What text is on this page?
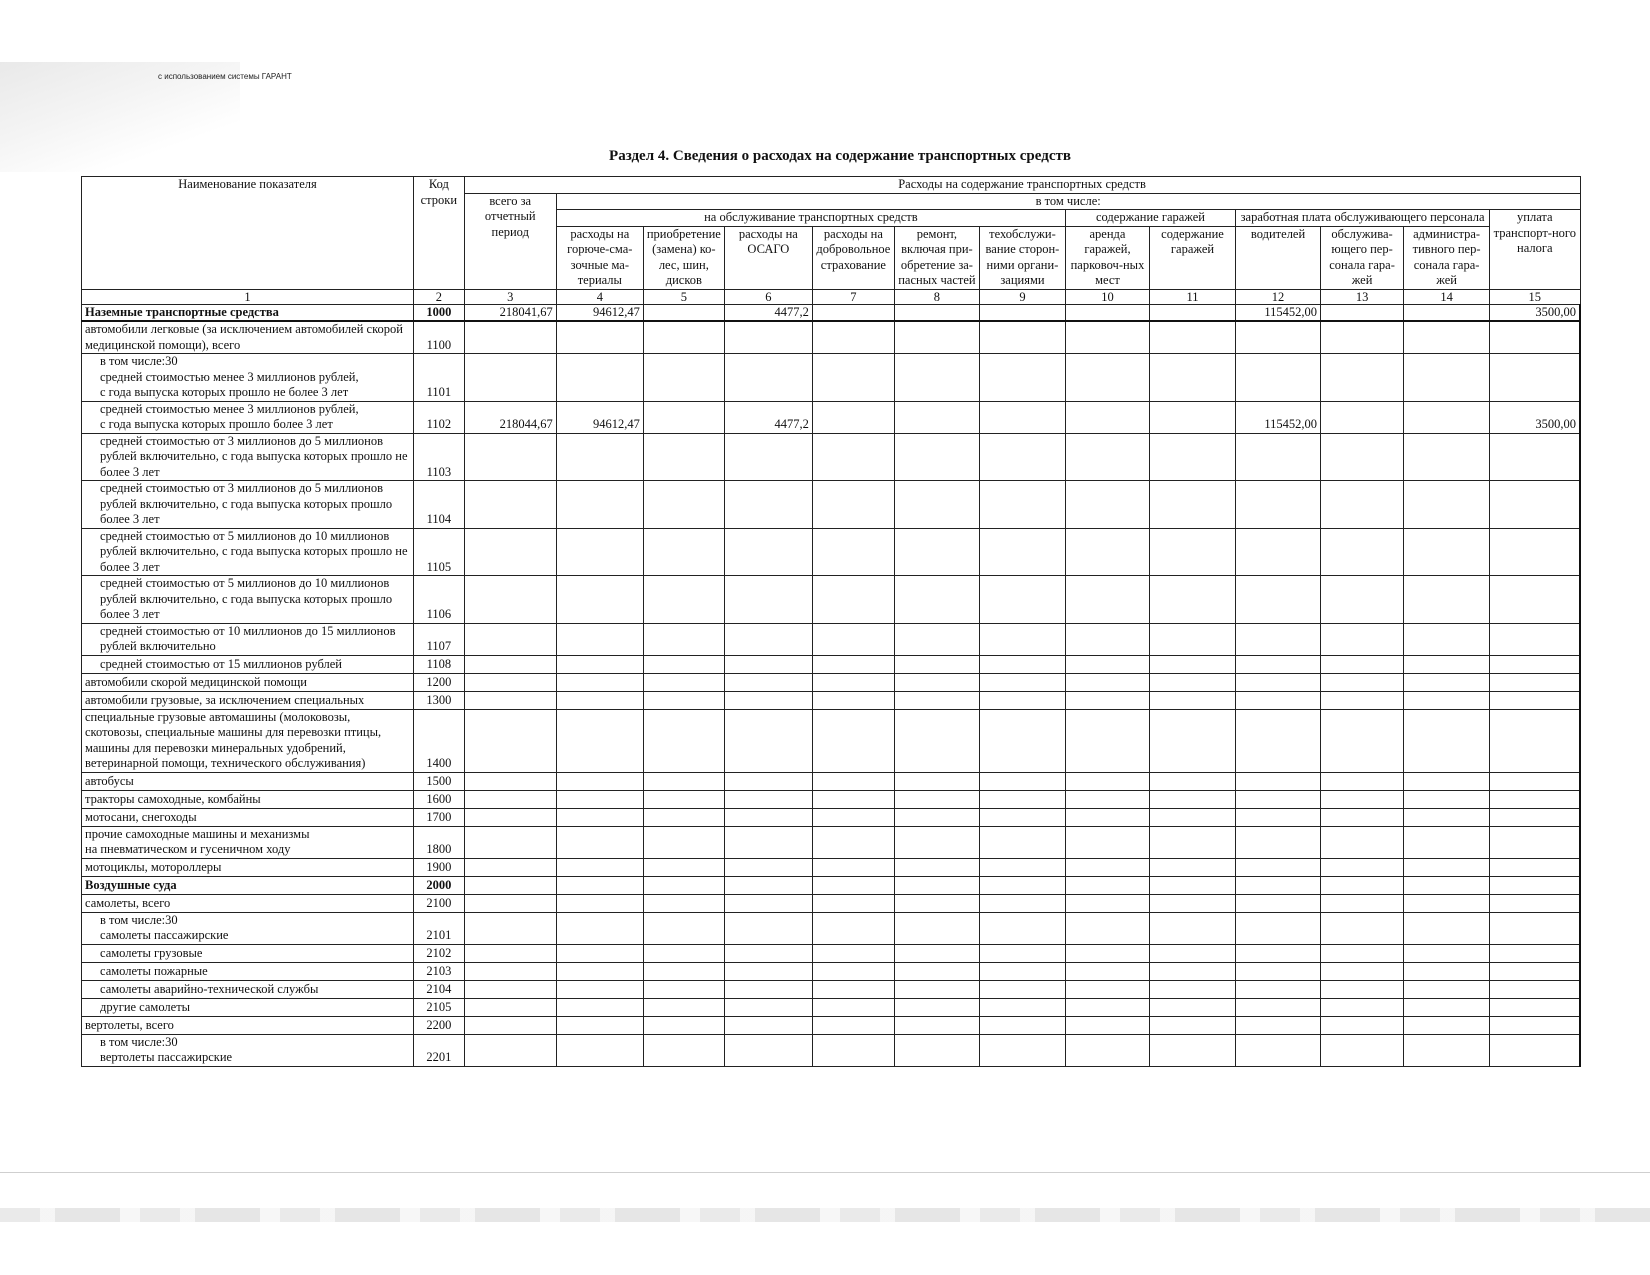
с использованием системы ГАРАНТ
Раздел 4. Сведения о расходах на содержание транспортных средств
Наименование показателя	Код строки	Расходы на содержание транспортных средств												
		всего за отчетный период	в том числе:											
			на обслуживание транспортных средств						содержание гаражей		заработная плата обслуживающего персонала			уплата транспорт-ного налога
			расходы на горюче-сма-зочные ма-териалы	приобретение (замена) ко-лес, шин, дисков	расходы на ОСАГО	расходы на добровольное страхование	ремонт, включая при-обретение за-пасных частей	техобслужи-вание сторон-ними органи-зациями	аренда гаражей, парковоч-ных мест	содержание гаражей	водителей	обслужива-ющего пер-сонала гара-жей	администра-тивного пер-сонала гара-жей	
1	2	3	4	5	6	7	8	9	10	11	12	13	14	15
Наземные транспортные средства	1000	218041,67	94612,47		4477,2						115452,00			3500,00
автомобили легковые (за исключением автомобилей скорой медицинской помощи), всего	1100													
в том числе:30
средней стоимостью менее 3 миллионов рублей,
с года выпуска которых прошло не более 3 лет	1101													
средней стоимостью менее 3 миллионов рублей,
с года выпуска которых прошло более 3 лет	1102	218044,67	94612,47		4477,2						115452,00			3500,00
средней стоимостью от 3 миллионов до 5 миллионов рублей включительно, с года выпуска которых прошло не более 3 лет	1103													
средней стоимостью от 3 миллионов до 5 миллионов рублей включительно, с года выпуска которых прошло более 3 лет	1104													
средней стоимостью от 5 миллионов до 10 миллионов рублей включительно, с года выпуска которых прошло не более 3 лет	1105													
средней стоимостью от 5 миллионов до 10 миллионов рублей включительно, с года выпуска которых прошло более 3 лет	1106													
средней стоимостью от 10 миллионов до 15 миллионов рублей включительно	1107													
средней стоимостью от 15 миллионов рублей	1108													
автомобили скорой медицинской помощи	1200													
автомобили грузовые, за исключением специальных	1300													
специальные грузовые автомашины (молоковозы, скотовозы, специальные машины для перевозки птицы, машины для перевозки минеральных удобрений, ветеринарной помощи, технического обслуживания)	1400													
автобусы	1500													
тракторы самоходные, комбайны	1600													
мотосани, снегоходы	1700													
прочие самоходные машины и механизмы
на пневматическом и гусеничном ходу	1800													
мотоциклы, мотороллеры	1900													
Воздушные суда	2000													
самолеты, всего	2100													
в том числе:30
самолеты пассажирские	2101													
самолеты грузовые	2102													
самолеты пожарные	2103													
самолеты аварийно-технической службы	2104													
другие самолеты	2105													
вертолеты, всего	2200													
в том числе:30
вертолеты пассажирские	2201													
